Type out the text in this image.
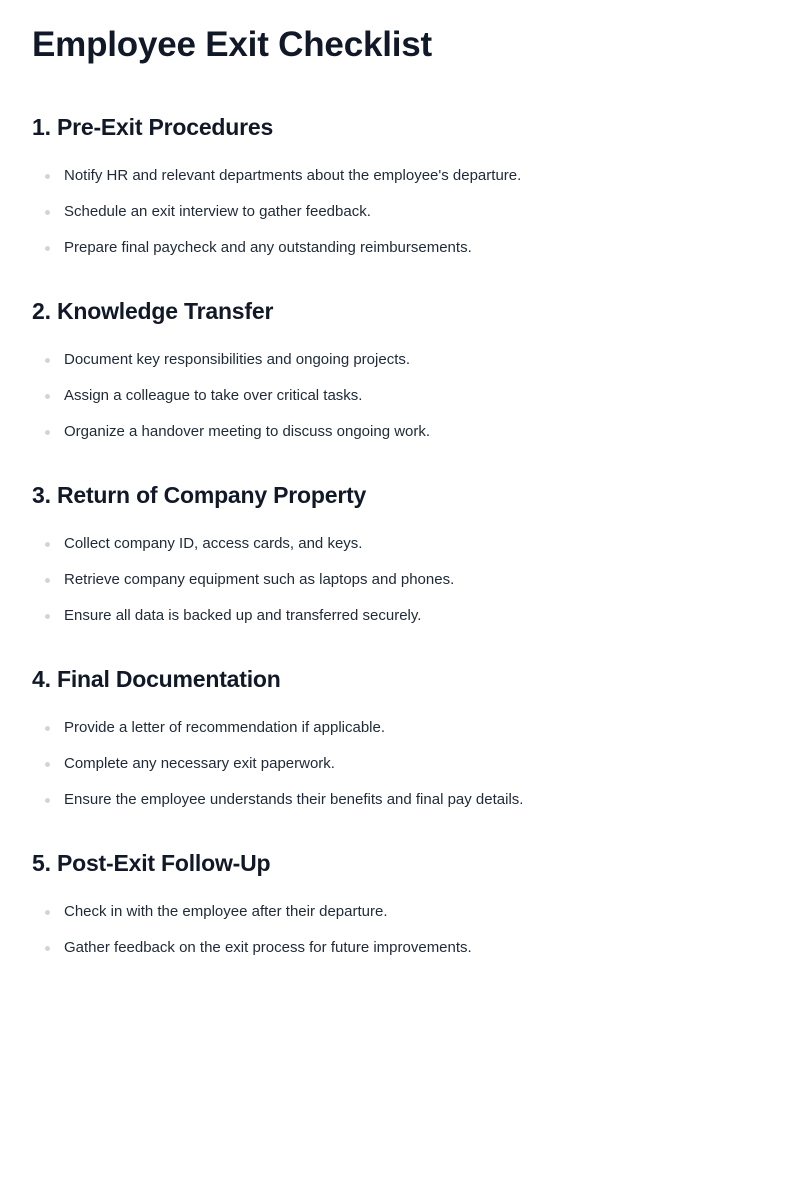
Employee Exit Checklist
1. Pre-Exit Procedures
Notify HR and relevant departments about the employee's departure.
Schedule an exit interview to gather feedback.
Prepare final paycheck and any outstanding reimbursements.
2. Knowledge Transfer
Document key responsibilities and ongoing projects.
Assign a colleague to take over critical tasks.
Organize a handover meeting to discuss ongoing work.
3. Return of Company Property
Collect company ID, access cards, and keys.
Retrieve company equipment such as laptops and phones.
Ensure all data is backed up and transferred securely.
4. Final Documentation
Provide a letter of recommendation if applicable.
Complete any necessary exit paperwork.
Ensure the employee understands their benefits and final pay details.
5. Post-Exit Follow-Up
Check in with the employee after their departure.
Gather feedback on the exit process for future improvements.
